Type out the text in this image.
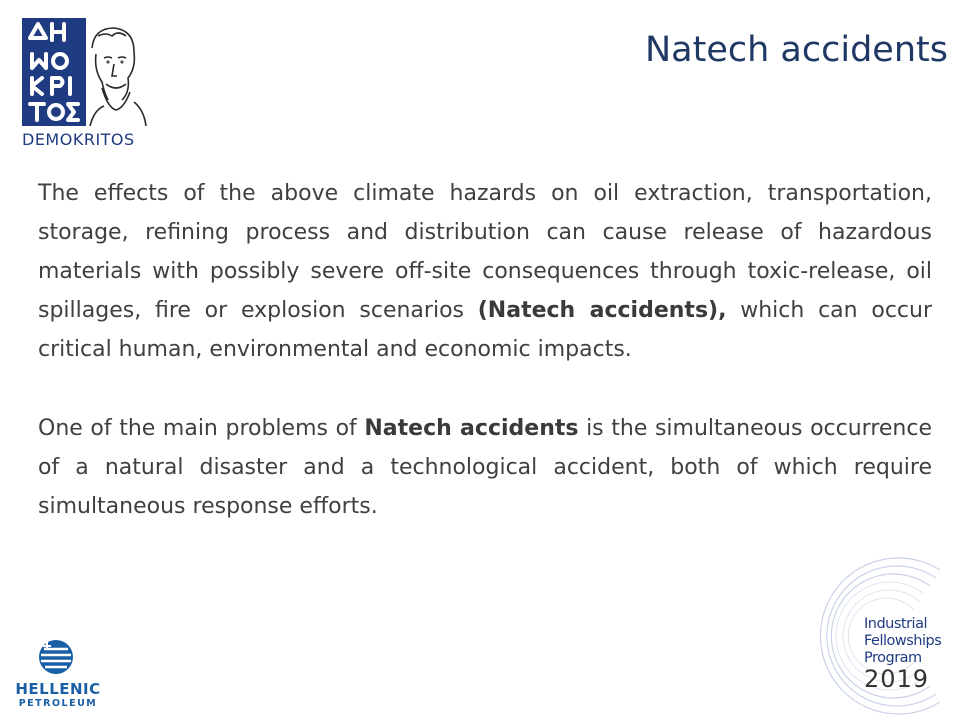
DEMOKRITOS
Natech accidents

The effects of the above climate hazards on oil extraction, transportation, storage, refining process and distribution can cause release of hazardous materials with possibly severe off-site consequences through toxic-release, oil spillages, fire or explosion scenarios (Natech accidents), which can occur critical human, environmental and economic impacts.

One of the main problems of Natech accidents is the simultaneous occurrence of a natural disaster and a technological accident, both of which require simultaneous response efforts.

HELLENIC
PETROLEUM
Industrial
Fellowships
Program
2019
